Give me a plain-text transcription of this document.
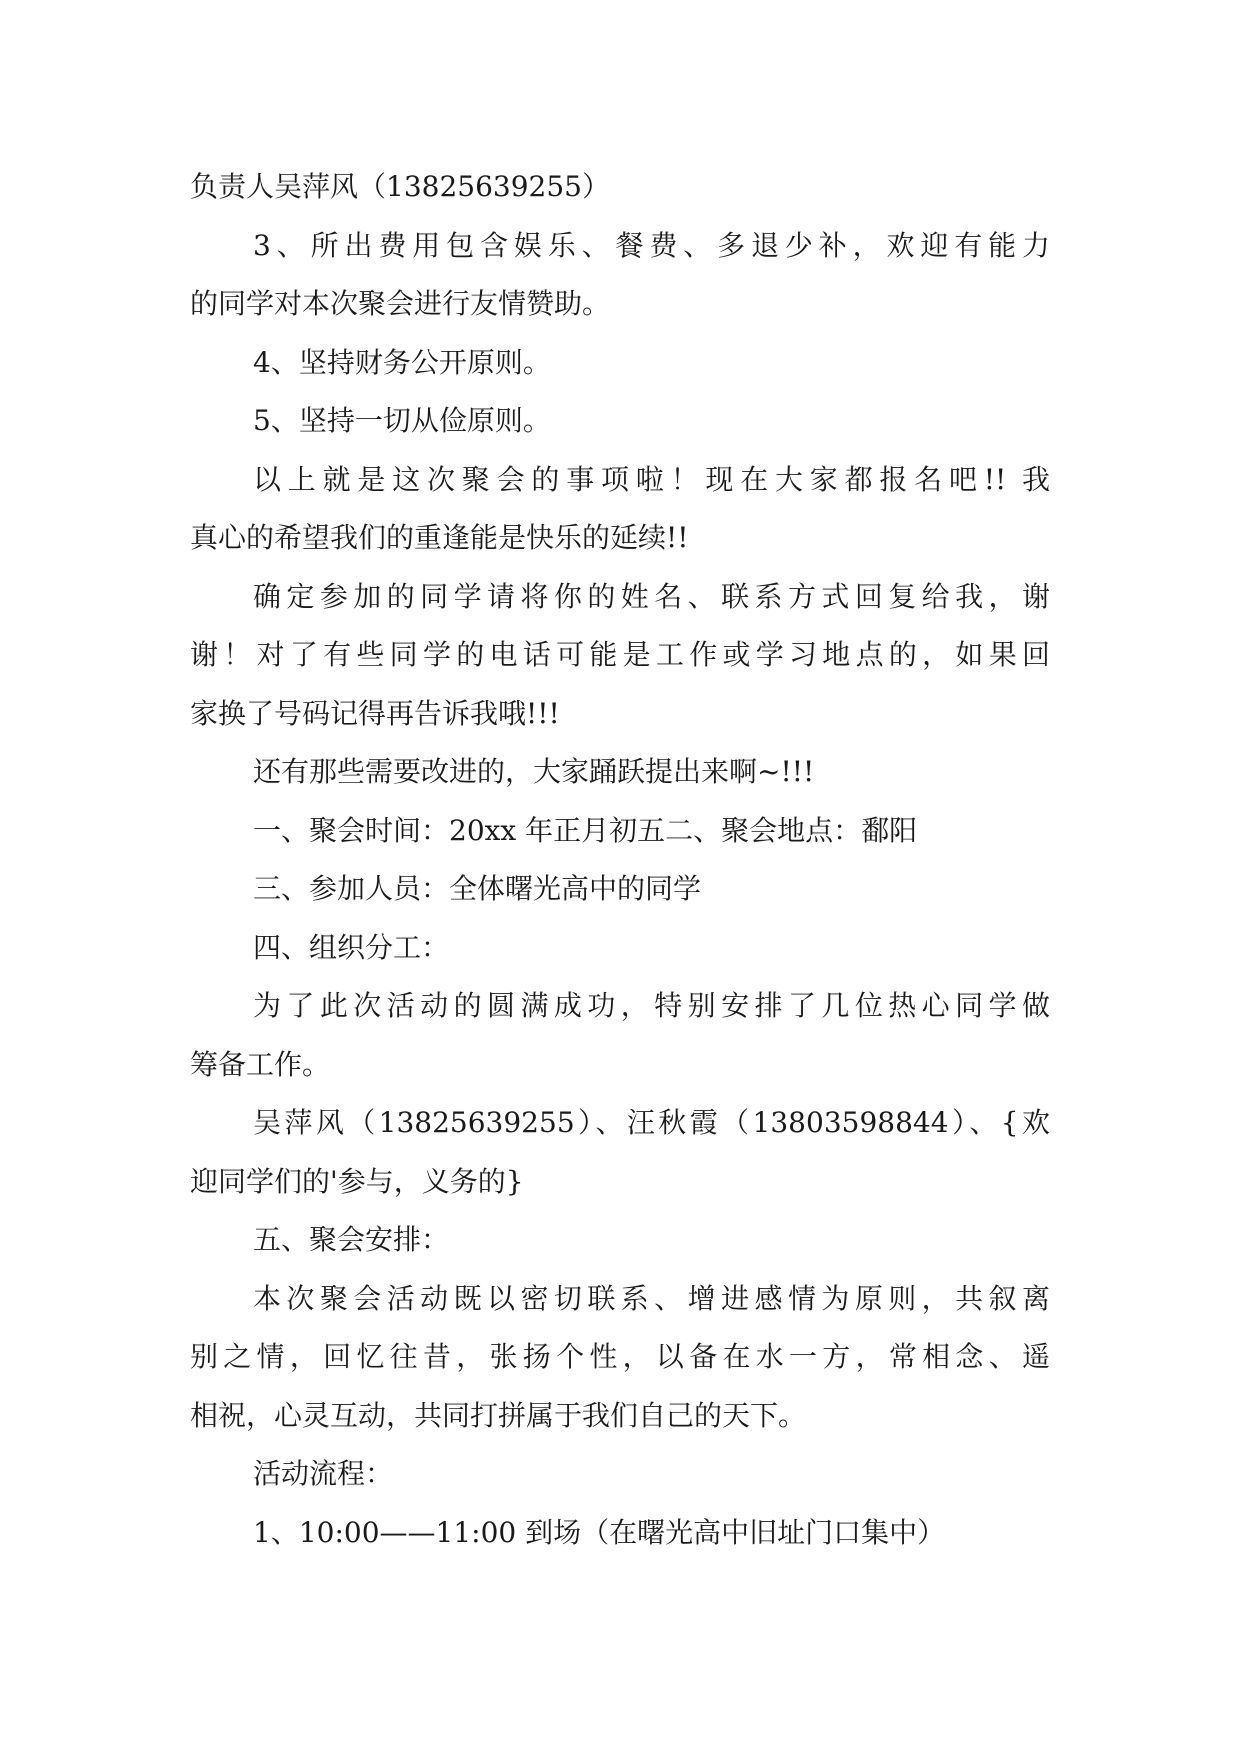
负责人吴萍风（13825639255）
3、所出费用包含娱乐、餐费、多退少补，欢迎有能力
的同学对本次聚会进行友情赞助。
4、坚持财务公开原则。
5、坚持一切从俭原则。
以上就是这次聚会的事项啦！现在大家都报名吧!! 我
真心的希望我们的重逢能是快乐的延续!!
确定参加的同学请将你的姓名、联系方式回复给我，谢
谢！对了有些同学的电话可能是工作或学习地点的，如果回
家换了号码记得再告诉我哦!!!
还有那些需要改进的，大家踊跃提出来啊~!!!
一、聚会时间：20xx 年正月初五二、聚会地点：鄱阳
三、参加人员：全体曙光高中的同学
四、组织分工：
为了此次活动的圆满成功，特别安排了几位热心同学做
筹备工作。
吴萍风（13825639255）、汪秋霞（13803598844）、{欢
迎同学们的'参与，义务的}
五、聚会安排：
本次聚会活动既以密切联系、增进感情为原则，共叙离
别之情，回忆往昔，张扬个性，以备在水一方，常相念、遥
相祝，心灵互动，共同打拼属于我们自己的天下。
活动流程：
1、10:00——11:00 到场（在曙光高中旧址门口集中）
